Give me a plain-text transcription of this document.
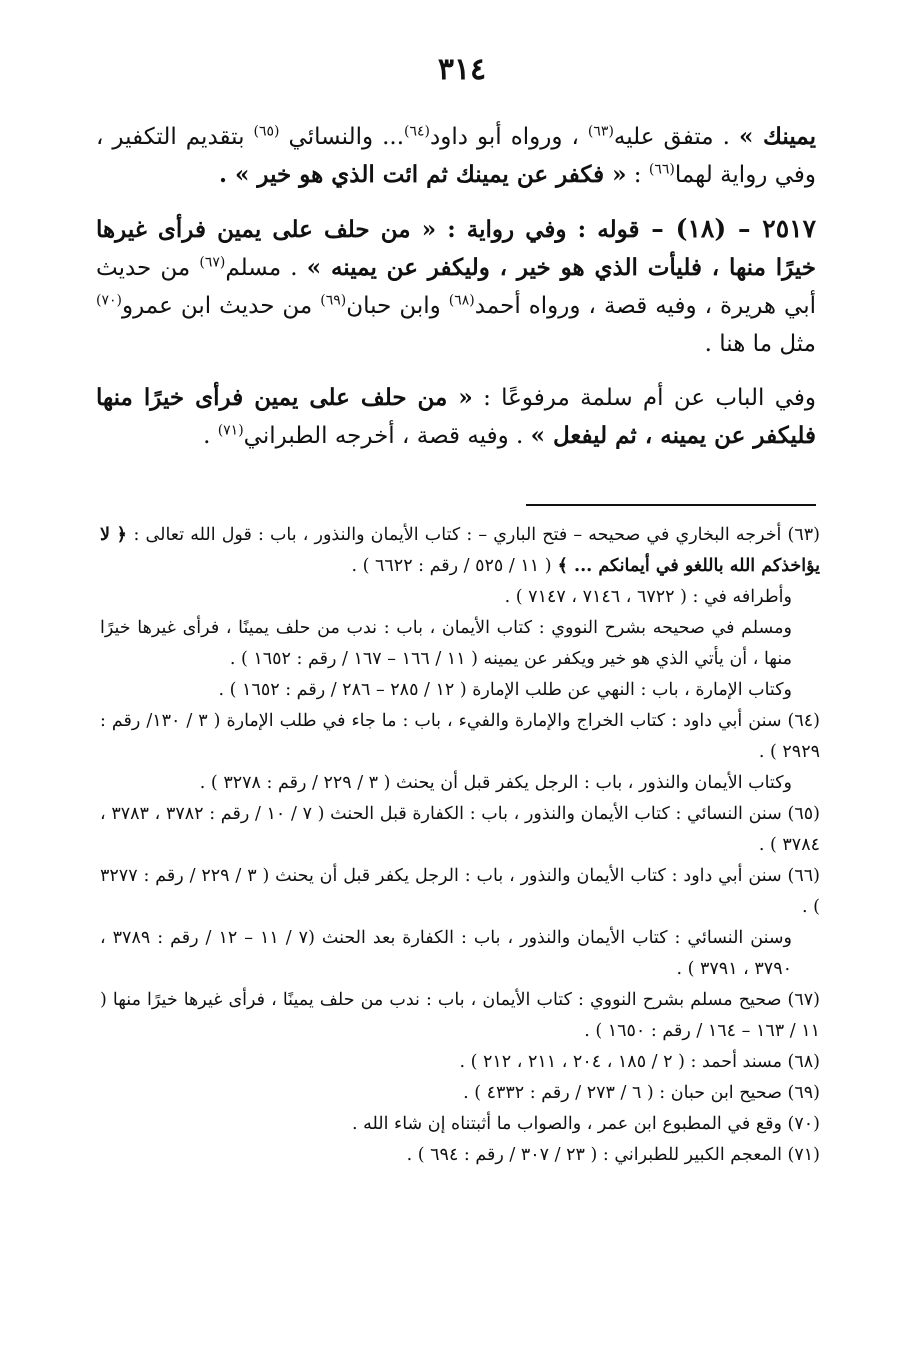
٣١٤

يمينك » . متفق عليه$^{(٦٣)}$ ، ورواه أبو داود$^{(٦٤)}$... والنسائي $^{(٦٥)}$ بتقديم التكفير ، وفي رواية لهما$^{(٦٦)}$ : « فكفر عن يمينك ثم ائت الذي هو خير » .

٢٥١٧ – (١٨) – قوله : وفي رواية : « من حلف على يمين فرأى غيرها خيرًا منها ، فليأت الذي هو خير ، وليكفر عن يمينه » . مسلم$^{(٦٧)}$ من حديث أبي هريرة ، وفيه قصة ، ورواه أحمد$^{(٦٨)}$ وابن حبان$^{(٦٩)}$ من حديث ابن عمرو$^{(٧٠)}$ مثل ما هنا .

وفي الباب عن أم سلمة مرفوعًا : « من حلف على يمين فرأى خيرًا منها فليكفر عن يمينه ، ثم ليفعل » . وفيه قصة ، أخرجه الطبراني$^{(٧١)}$ .

(٦٣) أخرجه البخاري في صحيحه – فتح الباري – : كتاب الأيمان والنذور ، باب : قول الله تعالى : ﴿ لا يؤاخذكم الله باللغو في أيمانكم ... ﴾ ( ١١ / ٥٢٥ / رقم : ٦٦٢٢ ) .

وأطرافه في : ( ٦٧٢٢ ، ٧١٤٦ ، ٧١٤٧ ) .

ومسلم في صحيحه بشرح النووي : كتاب الأيمان ، باب : ندب من حلف يمينًا ، فرأى غيرها خيرًا منها ، أن يأتي الذي هو خير ويكفر عن يمينه ( ١١ / ١٦٦ – ١٦٧ / رقم : ١٦٥٢ ) .

وكتاب الإمارة ، باب : النهي عن طلب الإمارة ( ١٢ / ٢٨٥ – ٢٨٦ / رقم : ١٦٥٢ ) .

(٦٤) سنن أبي داود : كتاب الخراج والإمارة والفيء ، باب : ما جاء في طلب الإمارة ( ٣ / ١٣٠/ رقم : ٢٩٢٩ ) .

وكتاب الأيمان والنذور ، باب : الرجل يكفر قبل أن يحنث ( ٣ / ٢٢٩ / رقم : ٣٢٧٨ ) .

(٦٥) سنن النسائي : كتاب الأيمان والنذور ، باب : الكفارة قبل الحنث ( ٧ / ١٠ / رقم : ٣٧٨٢ ، ٣٧٨٣ ، ٣٧٨٤ ) .

(٦٦) سنن أبي داود : كتاب الأيمان والنذور ، باب : الرجل يكفر قبل أن يحنث ( ٣ / ٢٢٩ / رقم : ٣٢٧٧ ) .

وسنن النسائي : كتاب الأيمان والنذور ، باب : الكفارة بعد الحنث (٧ / ١١ – ١٢ / رقم : ٣٧٨٩ ، ٣٧٩٠ ، ٣٧٩١ ) .

(٦٧) صحيح مسلم بشرح النووي : كتاب الأيمان ، باب : ندب من حلف يمينًا ، فرأى غيرها خيرًا منها ( ١١ / ١٦٣ – ١٦٤ / رقم : ١٦٥٠ ) .

(٦٨) مسند أحمد : ( ٢ / ١٨٥ ، ٢٠٤ ، ٢١١ ، ٢١٢ ) .

(٦٩) صحيح ابن حبان : ( ٦ / ٢٧٣ / رقم : ٤٣٣٢ ) .

(٧٠) وقع في المطبوع ابن عمر ، والصواب ما أثبتناه إن شاء الله .

(٧١) المعجم الكبير للطبراني : ( ٢٣ / ٣٠٧ / رقم : ٦٩٤ ) .
